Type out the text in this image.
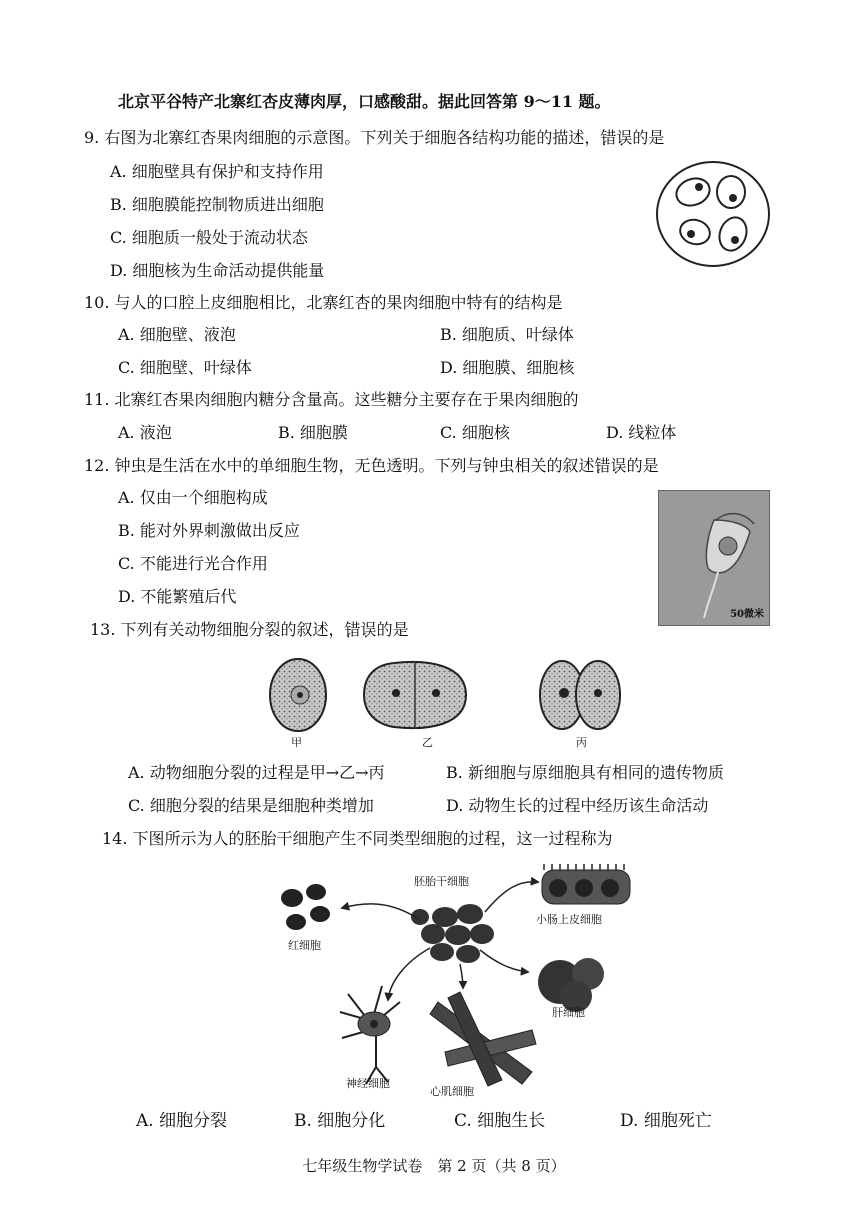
北京平谷特产北寨红杏皮薄肉厚，口感酸甜。据此回答第 9～11 题。
9. 右图为北寨红杏果肉细胞的示意图。下列关于细胞各结构功能的描述，错误 • •的是
A. 细胞壁具有保护和支持作用
B. 细胞膜能控制物质进出细胞
C. 细胞质一般处于流动状态
D. 细胞核为生命活动提供能量
10. 与人的口腔上皮细胞相比，北寨红杏的果肉细胞中特有的结构是
A. 细胞壁、液泡	B. 细胞质、叶绿体
C. 细胞壁、叶绿体	D. 细胞膜、细胞核
11. 北寨红杏果肉细胞内糖分含量高。这些糖分主要存在于果肉细胞的
A. 液泡	B. 细胞膜	C. 细胞核	D. 线粒体
12. 钟虫是生活在水中的单细胞生物，无色透明。下列与钟虫相关的叙述错误 • •的是
A. 仅由一个细胞构成
B. 能对外界刺激做出反应
C. 不能进行光合作用
D. 不能繁殖后代
50微米
13. 下列有关动物细胞分裂的叙述，错误 • •的是
甲	乙	丙
A. 动物细胞分裂的过程是甲→乙→丙	B. 新细胞与原细胞具有相同的遗传物质
C. 细胞分裂的结果是细胞种类增加	D. 动物生长的过程中经历该生命活动
14. 下图所示为人的胚胎干细胞产生不同类型细胞的过程，这一过程称为
胚胎干细胞
小肠上皮细胞
红细胞
肝细胞
神经细胞
心肌细胞
A. 细胞分裂	B. 细胞分化	C. 细胞生长	D. 细胞死亡
七年级生物学试卷　第 2 页（共 8 页）
